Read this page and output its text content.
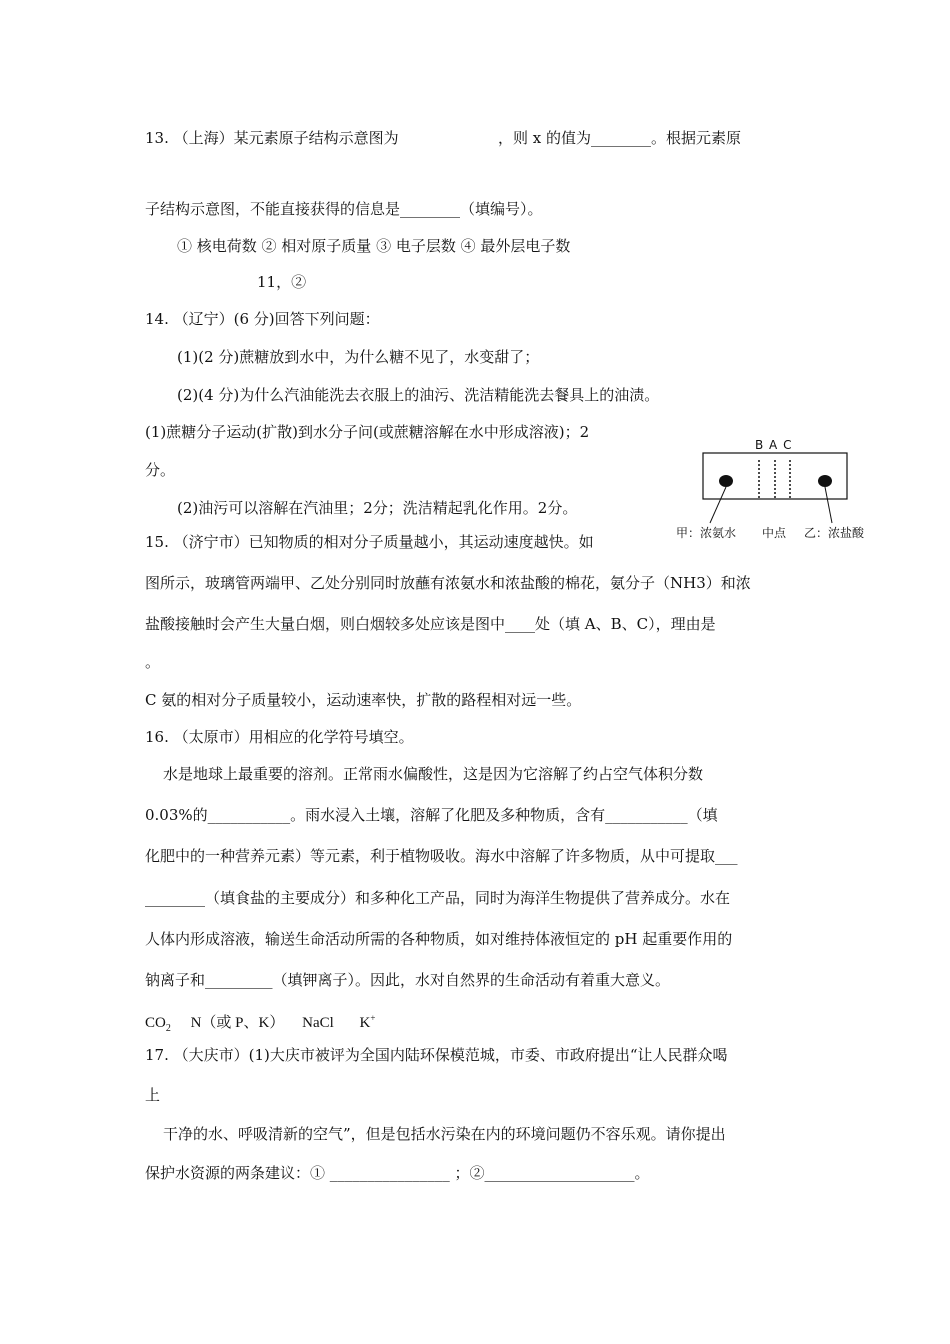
13. （上海）某元素原子结构示意图为	，则 x 的值为________。根据元素原
子结构示意图，不能直接获得的信息是________（填编号）。
① 核电荷数 ② 相对原子质量 ③ 电子层数 ④ 最外层电子数
11，②
14. （辽宁）(6 分)回答下列问题：
(1)(2 分)蔗糖放到水中，为什么糖不见了，水变甜了；
(2)(4 分)为什么汽油能洗去衣服上的油污、洗洁精能洗去餐具上的油渍。
(1)蔗糖分子运动(扩散)到水分子问(或蔗糖溶解在水中形成溶液)；2
分。
(2)油污可以溶解在汽油里；2分；洗洁精起乳化作用。2分。
B A C
甲：浓氨水 中点 乙：浓盐酸
15. （济宁市）已知物质的相对分子质量越小，其运动速度越快。如
图所示，玻璃管两端甲、乙处分别同时放蘸有浓氨水和浓盐酸的棉花，氨分子（NH3）和浓
盐酸接触时会产生大量白烟，则白烟较多处应该是图中____处（填 A、B、C），理由是
。
C 氨的相对分子质量较小，运动速率快，扩散的路程相对远一些。
16. （太原市）用相应的化学符号填空。
水是地球上最重要的溶剂。正常雨水偏酸性，这是因为它溶解了约占空气体积分数
0.03%的___________。雨水浸入土壤，溶解了化肥及多种物质，含有___________（填
化肥中的一种营养元素）等元素，利于植物吸收。海水中溶解了许多物质，从中可提取___
________（填食盐的主要成分）和多种化工产品，同时为海洋生物提供了营养成分。水在
人体内形成溶液，输送生命活动所需的各种物质，如对维持体液恒定的 pH 起重要作用的
钠离子和_________（填钾离子）。因此，水对自然界的生命活动有着重大意义。
$CO_2$ N（或 P、K） NaCl K+
17. （大庆市）(1)大庆市被评为全国内陆环保模范城，市委、市政府提出“让人民群众喝
上
干净的水、呼吸清新的空气”，但是包括水污染在内的环境问题仍不容乐观。请你提出
保护水资源的两条建议：① ________________ ；②____________________。
